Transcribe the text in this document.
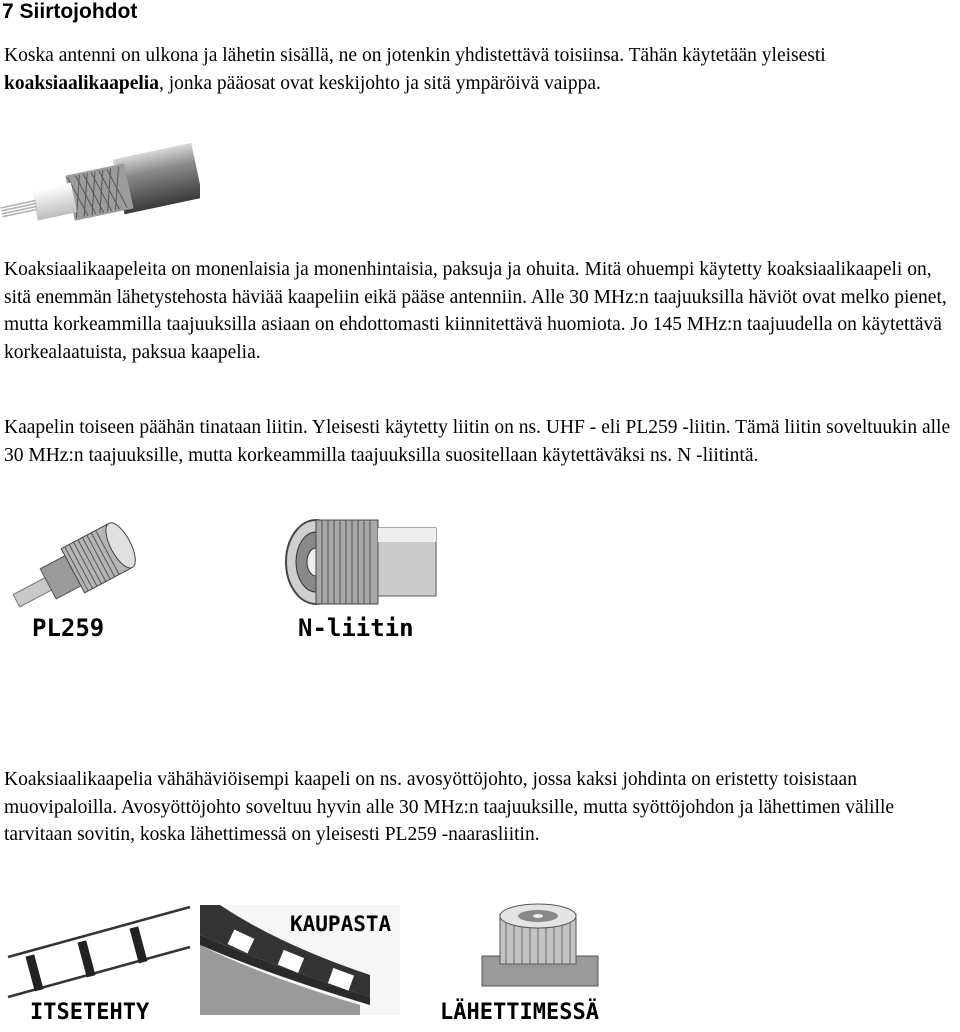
7 Siirtojohdot

Koska antenni on ulkona ja lähetin sisällä, ne on jotenkin yhdistettävä toisiinsa. Tähän käytetään yleisesti koaksiaalikaapelia, jonka pääosat ovat keskijohto ja sitä ympäröivä vaippa.

Koaksiaalikaapeleita on monenlaisia ja monenhintaisia, paksuja ja ohuita. Mitä ohuempi käytetty koaksiaalikaapeli on, sitä enemmän lähetystehosta häviää kaapeliin eikä pääse antenniin. Alle 30 MHz:n taajuuksilla häviöt ovat melko pienet, mutta korkeammilla taajuuksilla asiaan on ehdottomasti kiinnitettävä huomiota. Jo 145 MHz:n taajuudella on käytettävä korkealaatuista, paksua kaapelia.

Kaapelin toiseen päähän tinataan liitin. Yleisesti käytetty liitin on ns. UHF - eli PL259 -liitin. Tämä liitin soveltuukin alle 30 MHz:n taajuuksille, mutta korkeammilla taajuuksilla suositellaan käytettäväksi ns. N -liitintä.

PL259	N-liitin

Koaksiaalikaapelia vähähäviöisempi kaapeli on ns. avosyöttöjohto, jossa kaksi johdinta on eristetty toisistaan muovipaloilla. Avosyöttöjohto soveltuu hyvin alle 30 MHz:n taajuuksille, mutta syöttöjohdon ja lähettimen välille tarvitaan sovitin, koska lähettimessä on yleisesti PL259 -naarasliitin.

ITSETEHTY
KAUPASTA
LÄHETTIMESSÄ
